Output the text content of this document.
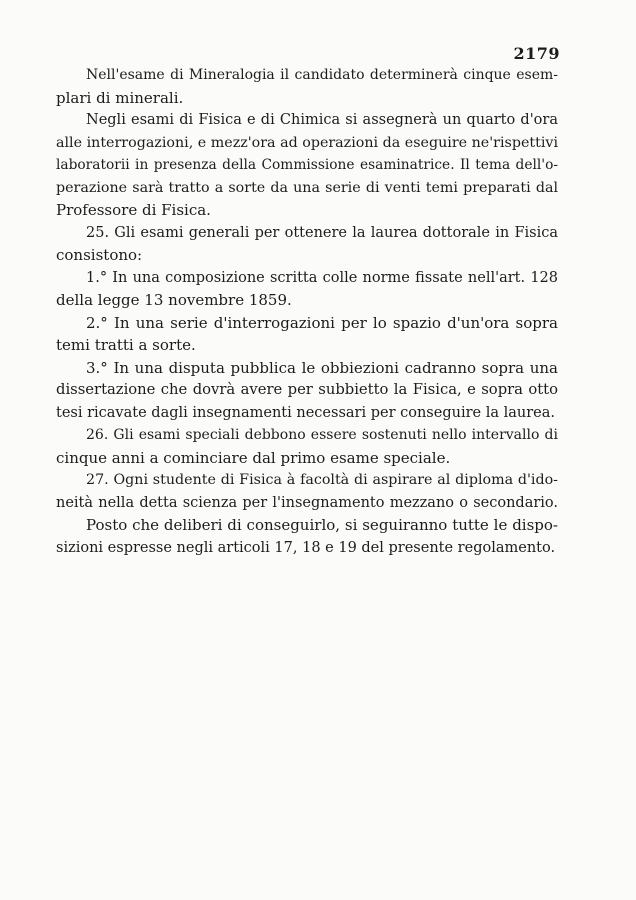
2179
Nell'esame di Mineralogia il candidato determinerà cinque esem-
plari di minerali.
Negli esami di Fisica e di Chimica si assegnerà un quarto d'ora
alle interrogazioni, e mezz'ora ad operazioni da eseguire ne'rispettivi
laboratorii in presenza della Commissione esaminatrice. Il tema dell'o-
perazione sarà tratto a sorte da una serie di venti temi preparati dal
Professore di Fisica.
25. Gli esami generali per ottenere la laurea dottorale in Fisica
consistono:
1.° In una composizione scritta colle norme fissate nell'art. 128
della legge 13 novembre 1859.
2.° In una serie d'interrogazioni per lo spazio d'un'ora sopra
temi tratti a sorte.
3.° In una disputa pubblica le obbiezioni cadranno sopra una
dissertazione che dovrà avere per subbietto la Fisica, e sopra otto
tesi ricavate dagli insegnamenti necessari per conseguire la laurea.
26. Gli esami speciali debbono essere sostenuti nello intervallo di
cinque anni a cominciare dal primo esame speciale.
27. Ogni studente di Fisica à facoltà di aspirare al diploma d'ido-
neità nella detta scienza per l'insegnamento mezzano o secondario.
Posto che deliberi di conseguirlo, si seguiranno tutte le dispo-
sizioni espresse negli articoli 17, 18 e 19 del presente regolamento.
